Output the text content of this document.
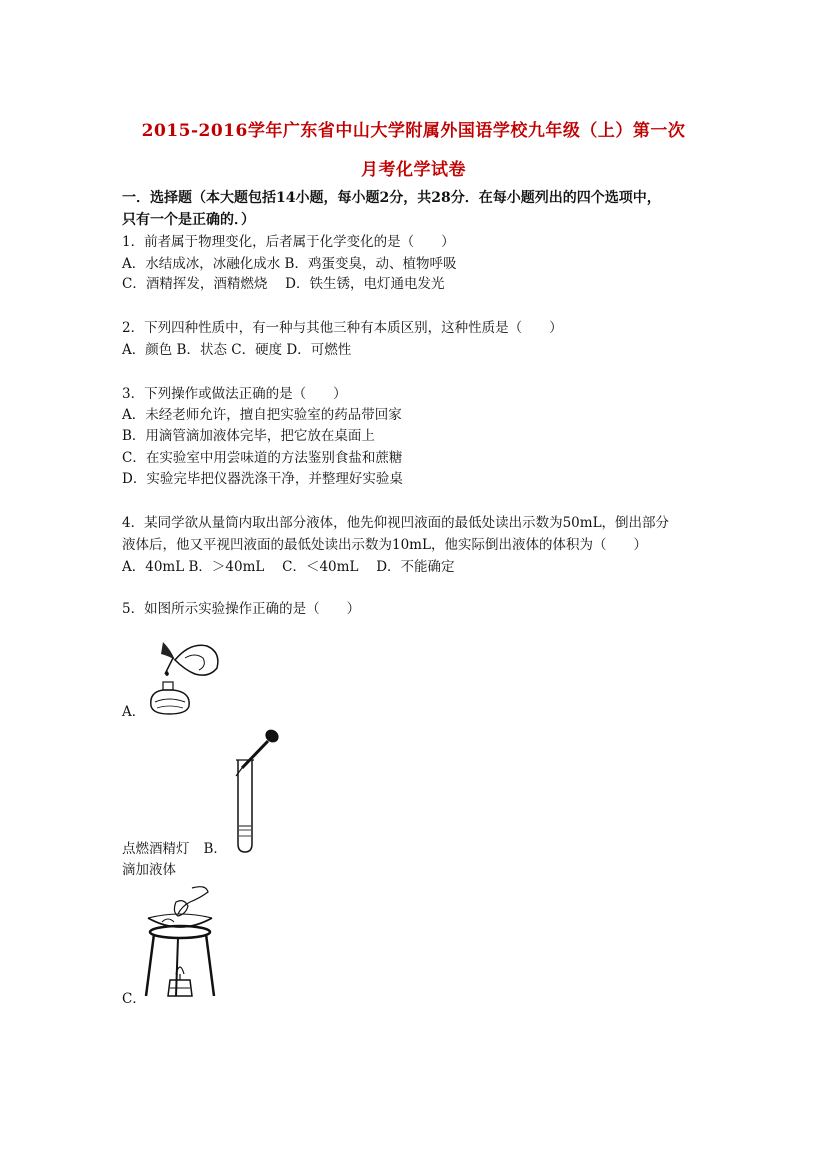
2015-2016学年广东省中山大学附属外国语学校九年级（上）第一次
月考化学试卷
一．选择题（本大题包括14小题，每小题2分，共28分．在每小题列出的四个选项中，
只有一个是正确的．）
1．前者属于物理变化，后者属于化学变化的是（　　）
A．水结成冰，冰融化成水 B．鸡蛋变臭，动、植物呼吸
C．酒精挥发，酒精燃烧　 D．铁生锈，电灯通电发光
2．下列四种性质中，有一种与其他三种有本质区别，这种性质是（　　）
A．颜色 B．状态 C．硬度 D．可燃性
3．下列操作或做法正确的是（　　）
A．未经老师允许，擅自把实验室的药品带回家
B．用滴管滴加液体完毕，把它放在桌面上
C．在实验室中用尝味道的方法鉴别食盐和蔗糖
D．实验完毕把仪器洗涤干净，并整理好实验桌
4．某同学欲从量筒内取出部分液体，他先仰视凹液面的最低处读出示数为50mL，倒出部分
液体后，他又平视凹液面的最低处读出示数为10mL，他实际倒出液体的体积为（　　）
A．40mL B．＞40mL　 C．＜40mL　 D．不能确定
5．如图所示实验操作正确的是（　　）
A．
点燃酒精灯 B．
滴加液体
C．
